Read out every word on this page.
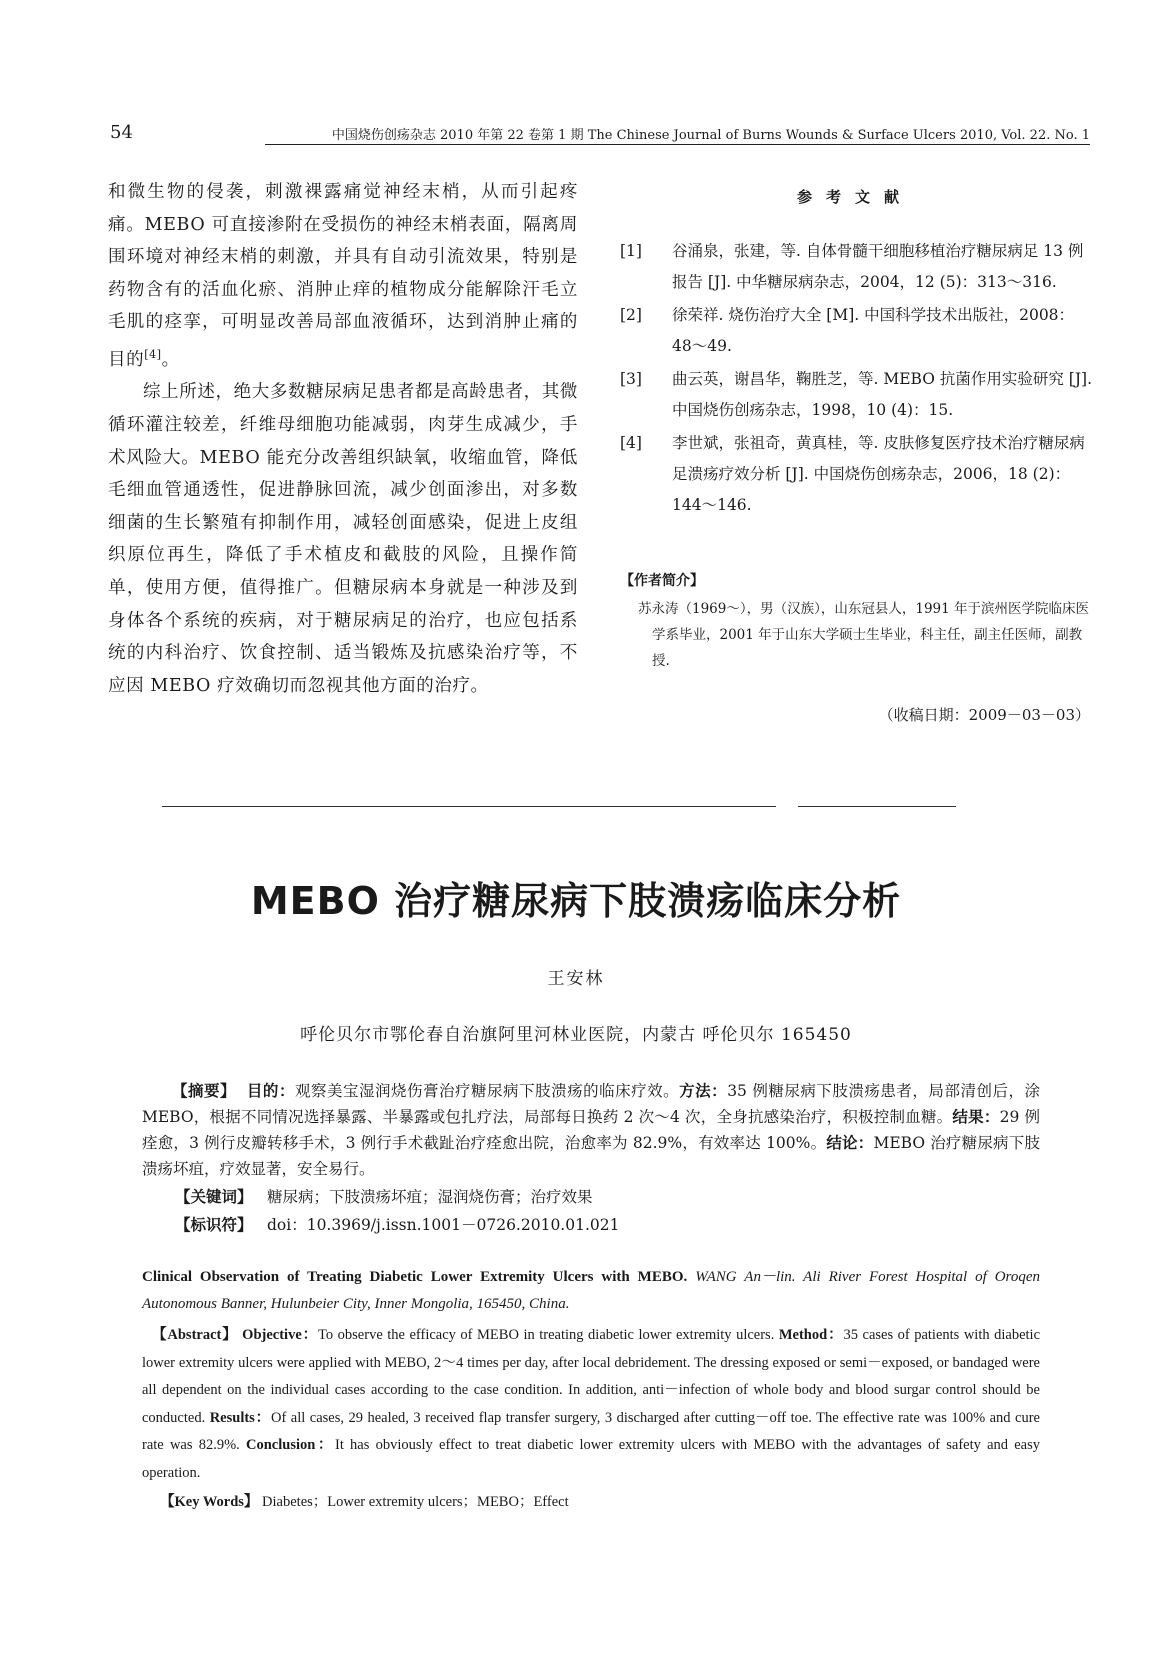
54	中国烧伤创疡杂志 2010 年第 22 卷第 1 期 The Chinese Journal of Burns Wounds & Surface Ulcers 2010, Vol. 22. No. 1

和微生物的侵袭，刺激裸露痛觉神经末梢，从而引起疼痛。MEBO 可直接渗附在受损伤的神经末梢表面，隔离周围环境对神经末梢的刺激，并具有自动引流效果，特别是药物含有的活血化瘀、消肿止痒的植物成分能解除汗毛立毛肌的痉挛，可明显改善局部血液循环，达到消肿止痛的目的[4]。

综上所述，绝大多数糖尿病足患者都是高龄患者，其微循环灌注较差，纤维母细胞功能减弱，肉芽生成减少，手术风险大。MEBO 能充分改善组织缺氧，收缩血管，降低毛细血管通透性，促进静脉回流，减少创面渗出，对多数细菌的生长繁殖有抑制作用，减轻创面感染，促进上皮组织原位再生，降低了手术植皮和截肢的风险，且操作简单，使用方便，值得推广。但糖尿病本身就是一种涉及到身体各个系统的疾病，对于糖尿病足的治疗，也应包括系统的内科治疗、饮食控制、适当锻炼及抗感染治疗等，不应因 MEBO 疗效确切而忽视其他方面的治疗。

参考文献
[1] 谷涌泉，张建，等. 自体骨髓干细胞移植治疗糖尿病足 13 例报告 [J]. 中华糖尿病杂志，2004，12 (5)：313～316.
[2] 徐荣祥. 烧伤治疗大全 [M]. 中国科学技术出版社，2008：48～49.
[3] 曲云英，谢昌华，鞠胜芝，等. MEBO 抗菌作用实验研究 [J]. 中国烧伤创疡杂志，1998，10 (4)：15.
[4] 李世斌，张祖奇，黄真桂，等. 皮肤修复医疗技术治疗糖尿病足溃疡疗效分析 [J]. 中国烧伤创疡杂志，2006，18 (2)：144～146.
【作者简介】
苏永涛（1969～），男（汉族），山东冠县人，1991 年于滨州医学院临床医学系毕业，2001 年于山东大学硕士生毕业，科主任，副主任医师，副教授.
（收稿日期：2009－03－03）
MEBO 治疗糖尿病下肢溃疡临床分析
王安林
呼伦贝尔市鄂伦春自治旗阿里河林业医院，内蒙古 呼伦贝尔 165450
【摘要】 目的：观察美宝湿润烧伤膏治疗糖尿病下肢溃疡的临床疗效。方法：35 例糖尿病下肢溃疡患者，局部清创后，涂 MEBO，根据不同情况选择暴露、半暴露或包扎疗法，局部每日换药 2 次～4 次，全身抗感染治疗，积极控制血糖。结果：29 例痊愈，3 例行皮瓣转移手术，3 例行手术截趾治疗痊愈出院，治愈率为 82.9%，有效率达 100%。结论：MEBO 治疗糖尿病下肢溃疡坏疽，疗效显著，安全易行。
【关键词】 糖尿病；下肢溃疡坏疽；湿润烧伤膏；治疗效果
【标识符】 doi：10.3969/j.issn.1001－0726.2010.01.021
Clinical Observation of Treating Diabetic Lower Extremity Ulcers with MEBO. WANG An－lin. Ali River Forest Hospital of Oroqen Autonomous Banner, Hulunbeier City, Inner Mongolia, 165450, China.
【Abstract】 Objective：To observe the efficacy of MEBO in treating diabetic lower extremity ulcers. Method：35 cases of patients with diabetic lower extremity ulcers were applied with MEBO, 2～4 times per day, after local debridement. The dressing exposed or semi－exposed, or bandaged were all dependent on the individual cases according to the case condition. In addition, anti－infection of whole body and blood surgar control should be conducted. Results：Of all cases, 29 healed, 3 received flap transfer surgery, 3 discharged after cutting－off toe. The effective rate was 100% and cure rate was 82.9%. Conclusion：It has obviously effect to treat diabetic lower extremity ulcers with MEBO with the advantages of safety and easy operation.
【Key Words】 Diabetes；Lower extremity ulcers；MEBO；Effect
